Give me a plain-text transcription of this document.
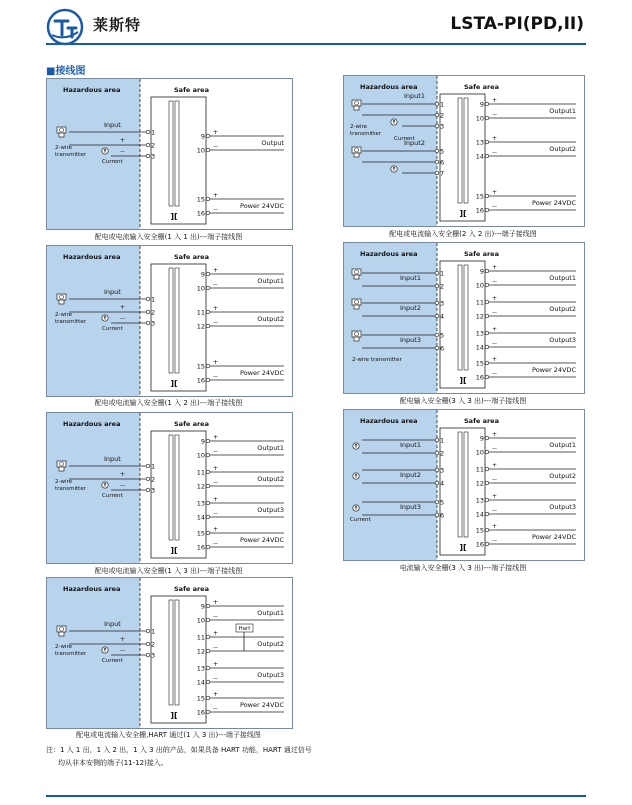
莱斯特	LSTA-PI(PD,II)
■接线图
Hazardous area	Safe area
][
Input
1
2
3
2-wire
transmitter
Current
+
—
9
10
+
—	Output
15
16
+
—	Power 24VDC
配电或电流输入安全栅(1 入 1 出)---端子接线图
Hazardous area	Safe area
][
Input
1
2
3
2-wire
transmitter
Current
+
—
9
10
+
—	Output1
11
12
+
—	Output2
15
16
+
—	Power 24VDC
配电或电流输入安全栅(1 入 2 出)---端子接线图
Hazardous area	Safe area
][
Input
1
2
3
2-wire
transmitter
Current
+
—
9
10
+
—	Output1
11
12
+
—	Output2
13
14
+
—	Output3
15
16
+
—	Power 24VDC
配电或电流输入安全栅(1 入 3 出)---端子接线图
Hazardous area	Safe area
][
Input
1
2
3
2-wire
transmitter
Current
+
—
9
10
+
—	Output1
11
12
+
—	Output2
Hart
13
14
+
—	Output3
15
16
+
—	Power 24VDC
配电或电流输入安全栅,HART 通过(1 入 3 出)---端子接线图
Hazardous area	Safe area
][
Input1
1
2
3
Input2
5
6
7
2-wire
transmitter
Current
9
10
+
—	Output1
13
14
+
—	Output2
15
16
+
—	Power 24VDC
配电或电流输入安全栅(2 入 2 出)---端子接线图
Hazardous area	Safe area
][
Input1
1
2
Input2
3
4
Input3
5
6
2-wire transmitter
9
10
+
—	Output1
11
12
+
—	Output2
13
14
+
—	Output3
15
16
+
—	Power 24VDC
配电输入安全栅(3 入 3 出)---端子接线图
Hazardous area	Safe area
][
Input1
1
2
Input2
3
4
Input3
5
6
Current
9
10
+
—	Output1
11
12
+
—	Output2
13
14
+
—	Output3
15
16
+
—	Power 24VDC
电流输入安全栅(3 入 3 出)---端子接线图
注：1 入 1 出，1 入 2 出，1 入 3 出的产品，如果具备 HART 功能，HART 通过信号
均从非本安侧的端子(11-12)接入。
